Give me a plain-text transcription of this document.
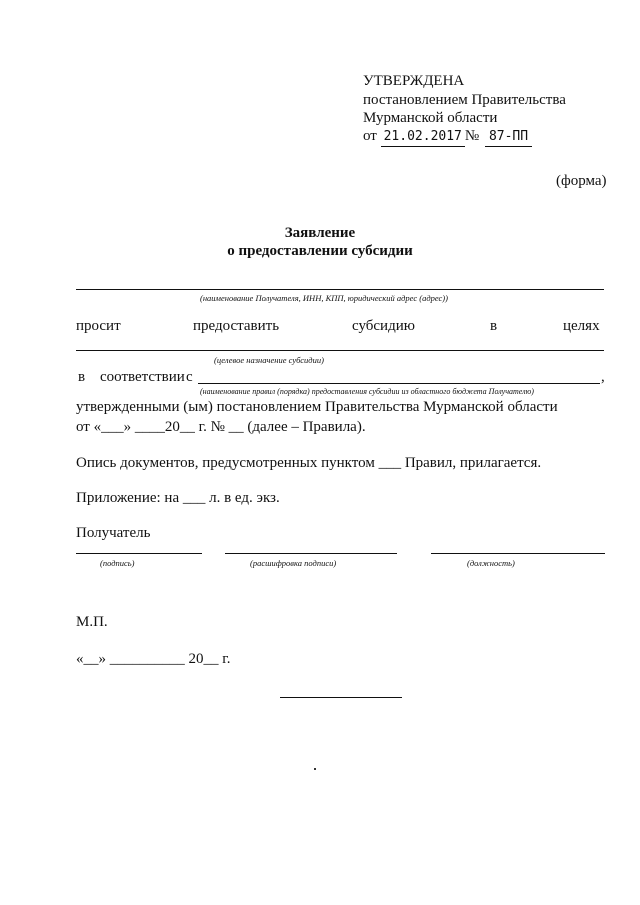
УТВЕРЖДЕНА
постановлением Правительства
Мурманской области
от 21.02.2017 № 87-ПП
(форма)
Заявление
о предоставлении субсидии
(наименование Получателя, ИНН, КПП, юридический адрес (адрес))
просит	предоставить	субсидию	в	целях
(целевое назначение субсидии)
в соответствии с	,
(наименование правил (порядка) предоставления субсидии из областного бюджета Получателю)
утвержденными (ым) постановлением Правительства Мурманской области
от «___» ____20__ г. № __ (далее – Правила).
Опись документов, предусмотренных пунктом ___ Правил, прилагается.
Приложение: на ___ л. в ед. экз.
Получатель
(подпись)	(расшифровка подписи)	(должность)
М.П.
«__» __________ 20__ г.
